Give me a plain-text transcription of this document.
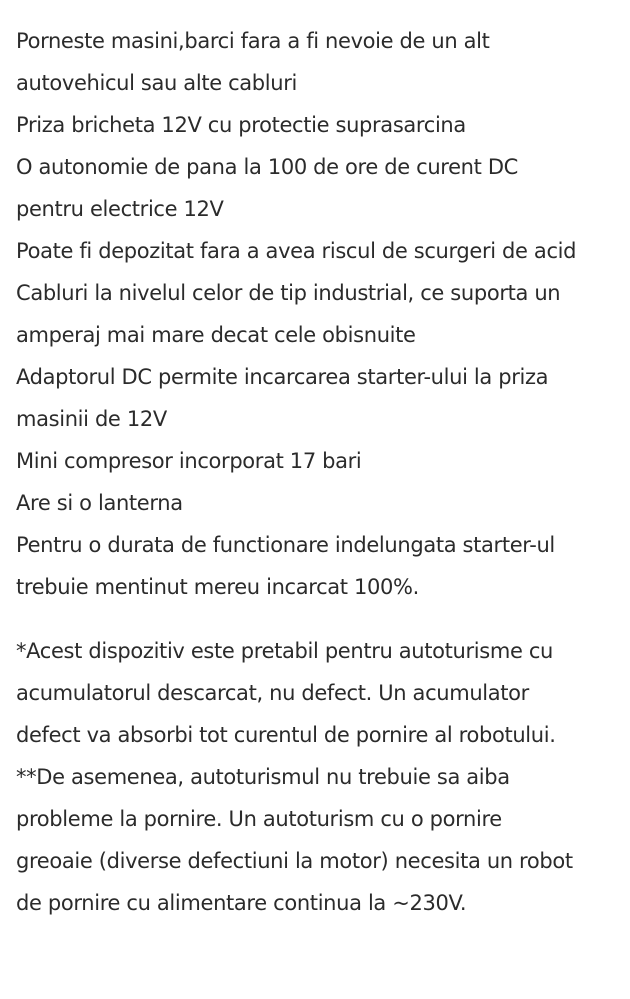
Porneste masini,barci fara a fi nevoie de un alt
autovehicul sau alte cabluri
Priza bricheta 12V cu protectie suprasarcina
O autonomie de pana la 100 de ore de curent DC
pentru electrice 12V
Poate fi depozitat fara a avea riscul de scurgeri de acid
Cabluri la nivelul celor de tip industrial, ce suporta un
amperaj mai mare decat cele obisnuite
Adaptorul DC permite incarcarea starter-ului la priza
masinii de 12V
Mini compresor incorporat 17 bari
Are si o lanterna
Pentru o durata de functionare indelungata starter-ul
trebuie mentinut mereu incarcat 100%.

*Acest dispozitiv este pretabil pentru autoturisme cu
acumulatorul descarcat, nu defect. Un acumulator
defect va absorbi tot curentul de pornire al robotului.
**De asemenea, autoturismul nu trebuie sa aiba
probleme la pornire. Un autoturism cu o pornire
greoaie (diverse defectiuni la motor) necesita un robot
de pornire cu alimentare continua la ~230V.
